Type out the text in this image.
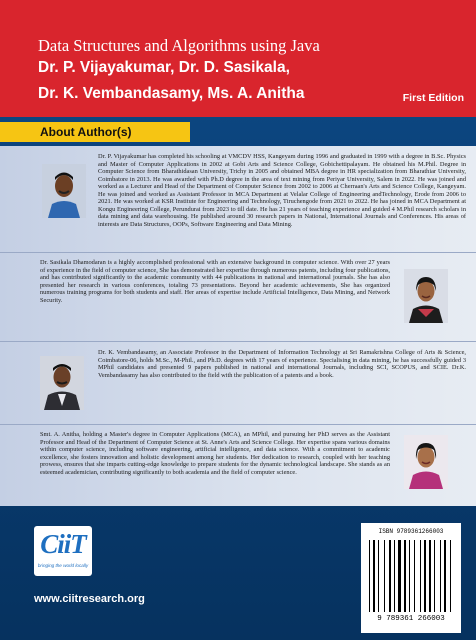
Data Structures and Algorithms using Java
Dr. P. Vijayakumar, Dr. D. Sasikala,
Dr. K. Vembandasamy, Ms. A. Anitha	First Edition
About Author(s)
Dr. P. Vijayakumar has completed his schooling at VMCDV HSS, Kangeyam during 1996 and graduated in 1999 with a degree in B.Sc. Physics and Master of Computer Applications in 2002 at Gobi Arts and Science College, Gobichettipalayam. He obtained his M.Phil. Degree in Computer Science from Bharathidasan University, Trichy in 2005 and obtained MBA degree in HR specialization from Bharathiar University, Coimbatore in 2013. He was awarded with Ph.D degree in the area of text mining from Periyar University, Salem in 2022. He was joined and worked as a Lecturer and Head of the Department of Computer Science from 2002 to 2006 at Cherraan's Arts and Science College, Kangeyam. He was joined and worked as Assistant Professor in MCA Department at Velalar College of Engineering andTechnology, Erode from 2006 to 2021. He was worked at KSR Institute for Engineering and Technology, Tiruchengode from 2021 to 2022. He has joined in MCA Department at Kongu Engineering College, Perundurai from 2023 to till date. He has 21 years of teaching experience and guided 4 M.Phil research scholars in data mining and data warehousing. He published around 30 research papers in National, International Journals and Conferences. His areas of interests are Data Structures, OOPs, Software Engineering and Data Mining.
Dr. Sasikala Dhamodaran is a highly accomplished professional with an extensive background in computer science. With over 27 years of experience in the field of computer science, She has demonstrated her expertise through numerous patents, including four publications, and has contributed significantly to the academic community with 44 publications in national and international journals. She has also presented her research in various conferences, totaling 73 presentations. Beyond her academic achievements, She has organized numerous training programs for both students and staff. Her areas of expertise include Artificial Intelligence, Data Mining, and Network Security.
Dr. K. Vembandasamy, an Associate Professor in the Department of Information Technology at Sri Ramakrishna College of Arts & Science, Coimbatore-06, holds M.Sc., M-Phil., and Ph.D. degrees with 17 years of experience. Specialising in data mining, he has successfully guided 3 MPhil candidates and presented 9 papers published in national and international Journals, including SCI, SCOPUS, and SCIE. Dr.K. Vembandasamy has also contributed to the field with the publication of a patents and a book.
Smt. A. Anitha, holding a Master's degree in Computer Applications (MCA), an MPhil, and pursuing her PhD serves as the Assistant Professor and Head of the Department of Computer Science at St. Anne's Arts and Science College. Her expertise spans various domains within computer science, including software engineering, artificial intelligence, and data science. With a commitment to academic excellence, she fosters innovation and holistic development among her students. Her dedication to research, coupled with her teaching prowess, ensures that she imparts cutting-edge knowledge to prepare students for the dynamic technological landscape. She stands as an esteemed academician, contributing significantly to both academia and the field of computer science.
CiiT
bringing the world locally
www.ciitresearch.org
ISBN 9789361266003
9 789361 266003
